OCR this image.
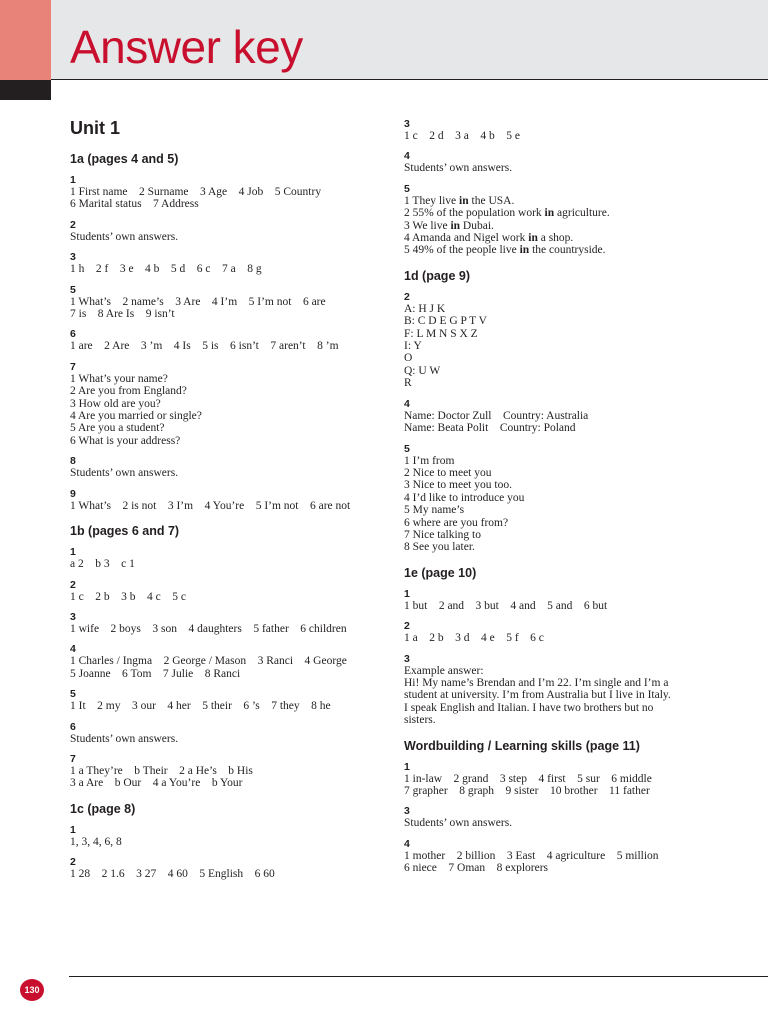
Answer key
Unit 1
1a (pages 4 and 5)
1
1 First name    2 Surname    3 Age    4 Job    5 Country
6 Marital status    7 Address
2
Students’ own answers.
3
1 h    2 f    3 e    4 b    5 d    6 c    7 a    8 g
5
1 What’s    2 name’s    3 Are    4 I’m    5 I’m not    6 are
7 is    8 Are Is    9 isn’t
6
1 are    2 Are    3 ’m    4 Is    5 is    6 isn’t    7 aren’t    8 ’m
7
1 What’s your name?
2 Are you from England?
3 How old are you?
4 Are you married or single?
5 Are you a student?
6 What is your address?
8
Students’ own answers.
9
1 What’s    2 is not    3 I’m    4 You’re    5 I’m not    6 are not
1b (pages 6 and 7)
1
a 2    b 3    c 1
2
1 c    2 b    3 b    4 c    5 c
3
1 wife    2 boys    3 son    4 daughters    5 father    6 children
4
1 Charles / Ingma    2 George / Mason    3 Ranci    4 George
5 Joanne    6 Tom    7 Julie    8 Ranci
5
1 It    2 my    3 our    4 her    5 their    6 ’s    7 they    8 he
6
Students’ own answers.
7
1 a They’re    b Their    2 a He’s    b His
3 a Are    b Our    4 a You’re    b Your
1c (page 8)
1
1, 3, 4, 6, 8
2
1 28    2 1.6    3 27    4 60    5 English    6 60
3
1 c    2 d    3 a    4 b    5 e
4
Students’ own answers.
5
1 They live in the USA.
2 55% of the population work in agriculture.
3 We live in Dubai.
4 Amanda and Nigel work in a shop.
5 49% of the people live in the countryside.
1d (page 9)
2
A: H J K
B: C D E G P T V
F: L M N S X Z
I: Y
O
Q: U W
R
4
Name: Doctor Zull    Country: Australia
Name: Beata Polit    Country: Poland
5
1 I’m from
2 Nice to meet you
3 Nice to meet you too.
4 I’d like to introduce you
5 My name’s
6 where are you from?
7 Nice talking to
8 See you later.
1e (page 10)
1
1 but    2 and    3 but    4 and    5 and    6 but
2
1 a    2 b    3 d    4 e    5 f    6 c
3
Example answer:
Hi! My name’s Brendan and I’m 22. I’m single and I’m a
student at university. I’m from Australia but I live in Italy.
I speak English and Italian. I have two brothers but no
sisters.
Wordbuilding / Learning skills (page 11)
1
1 in-law    2 grand    3 step    4 first    5 sur    6 middle
7 grapher    8 graph    9 sister    10 brother    11 father
3
Students’ own answers.
4
1 mother    2 billion    3 East    4 agriculture    5 million
6 niece    7 Oman    8 explorers
130
